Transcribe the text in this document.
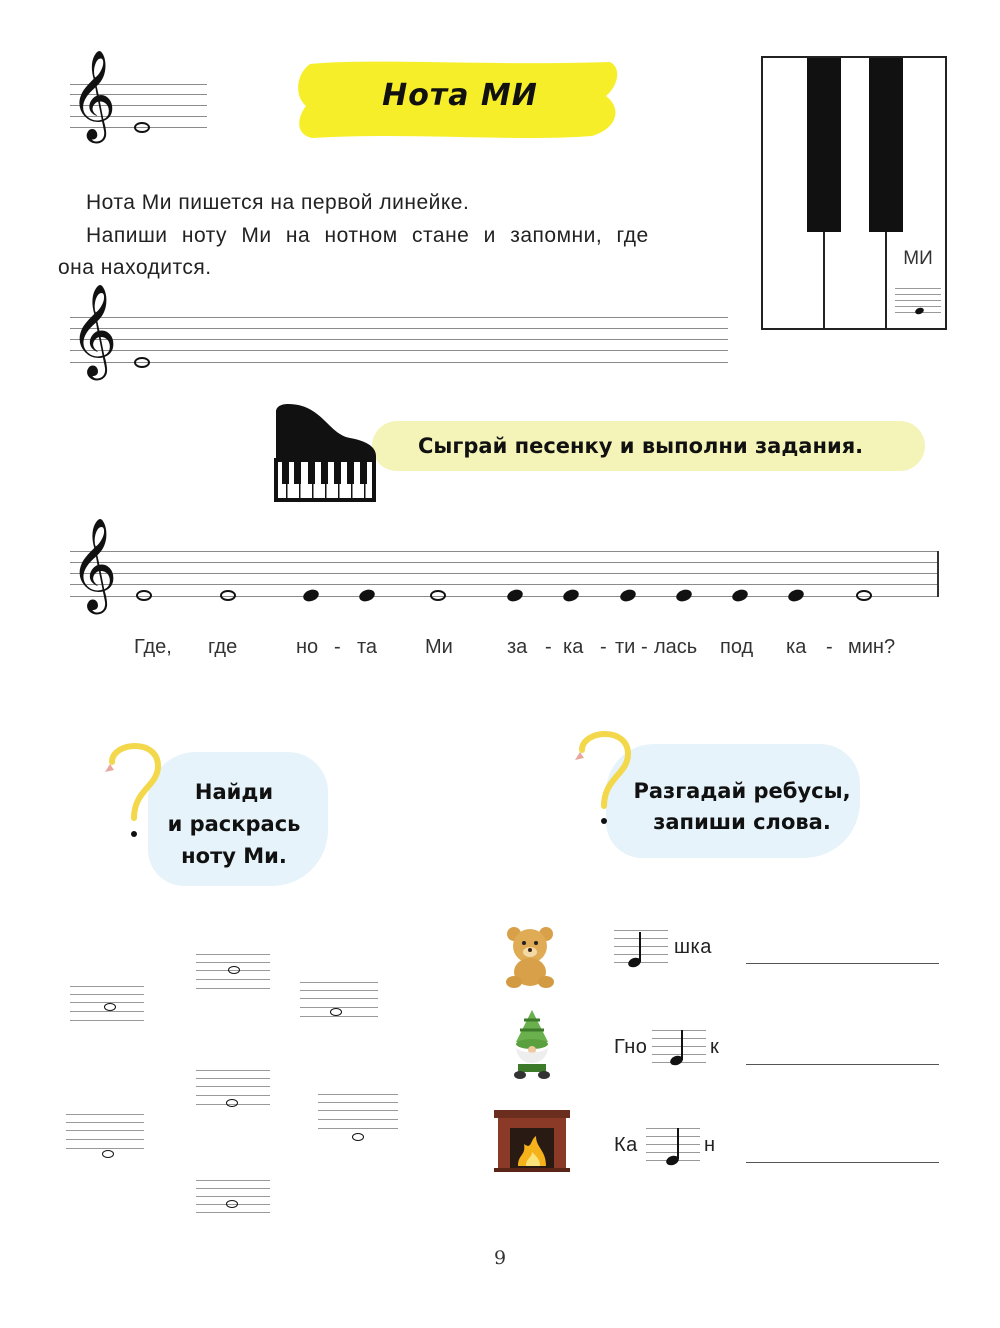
𝄞	Нота МИ
МИ
Нота Ми пишется на первой линейке.
Напиши ноту Ми на нотном стане и запомни, где
она находится.
𝄞
Сыграй песенку и выполни задания.
𝄞
Где, где	но - та Ми	за - ка - ти - лась под ка - мин?
Найди
и раскрась
ноту Ми.
Разгадай ребусы,
запиши слова.
шка
Гно	к
Ка	н
9
